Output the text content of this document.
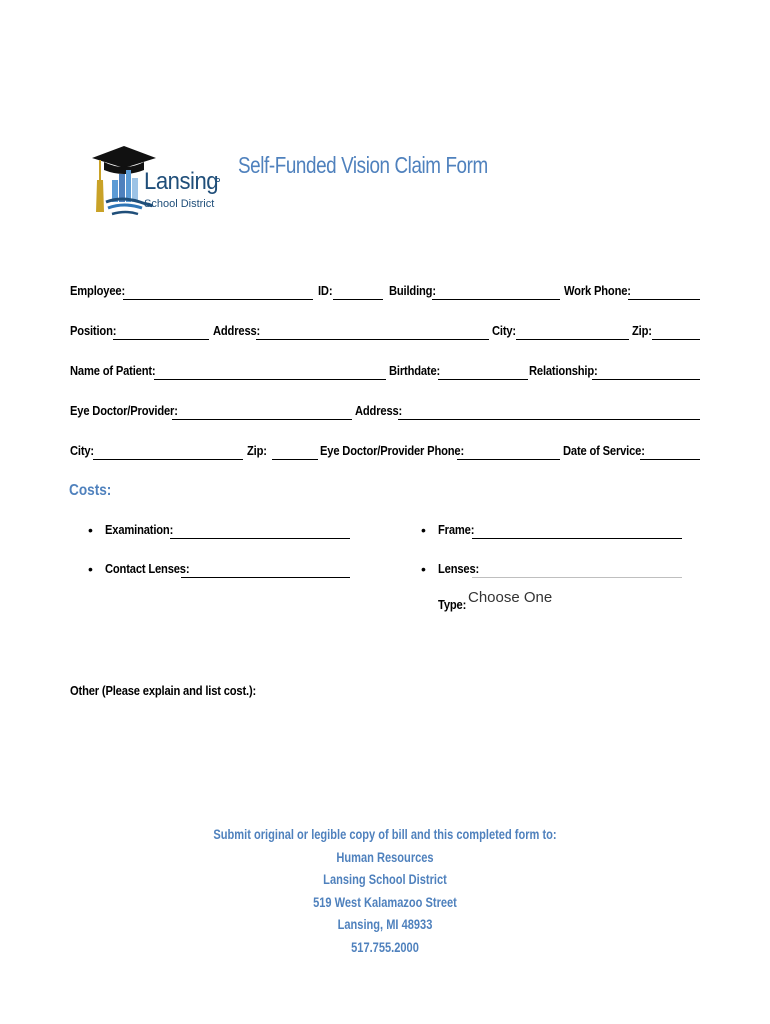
Lansing
School District
Self-Funded Vision Claim Form
Employee:	ID:	Building:	Work Phone:
Position:	Address:	City:	Zip:
Name of Patient:	Birthdate:	Relationship:
Eye Doctor/Provider:	Address:
City:	Zip:	Eye Doctor/Provider Phone:	Date of Service:
Costs:
• Examination:	• Frame:
• Contact Lenses:	• Lenses:
Type: Choose One
Other (Please explain and list cost.):
Submit original or legible copy of bill and this completed form to:
Human Resources
Lansing School District
519 West Kalamazoo Street
Lansing, MI 48933
517.755.2000
